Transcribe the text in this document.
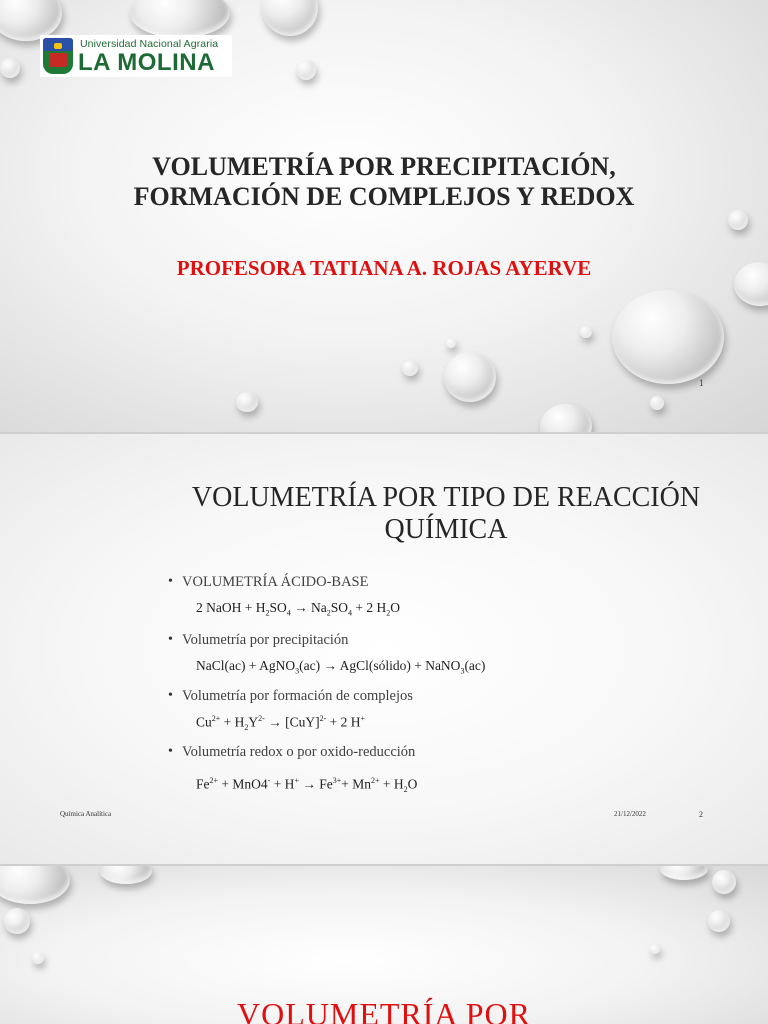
Universidad Nacional Agraria
LA MOLINA
VOLUMETRÍA POR PRECIPITACIÓN,
FORMACIÓN DE COMPLEJOS Y REDOX
PROFESORA TATIANA A. ROJAS AYERVE
1
VOLUMETRÍA POR TIPO DE REACCIÓN
QUÍMICA
• VOLUMETRÍA ÁCIDO-BASE
2 NaOH + $H_2SO_4 \to Na_2SO_4 + 2$ $H_2O$
• Volumetría por precipitación
NaCl(ac) + AgNO$_3$(ac) → AgCl(sólido) + NaNO$_3$(ac)
• Volumetría por formación de complejos
$Cu^{2+} + H_2Y^{2-} \to [CuY]^{2-} + 2$ H+
• Volumetría redox o por oxido-reducción
$Fe^{2+} + MnO4^- + H^+ \to Fe^{3+}+ Mn^{2+} + H_2O$
Química Analítica	21/12/2022	2
VOLUMETRÍA POR
